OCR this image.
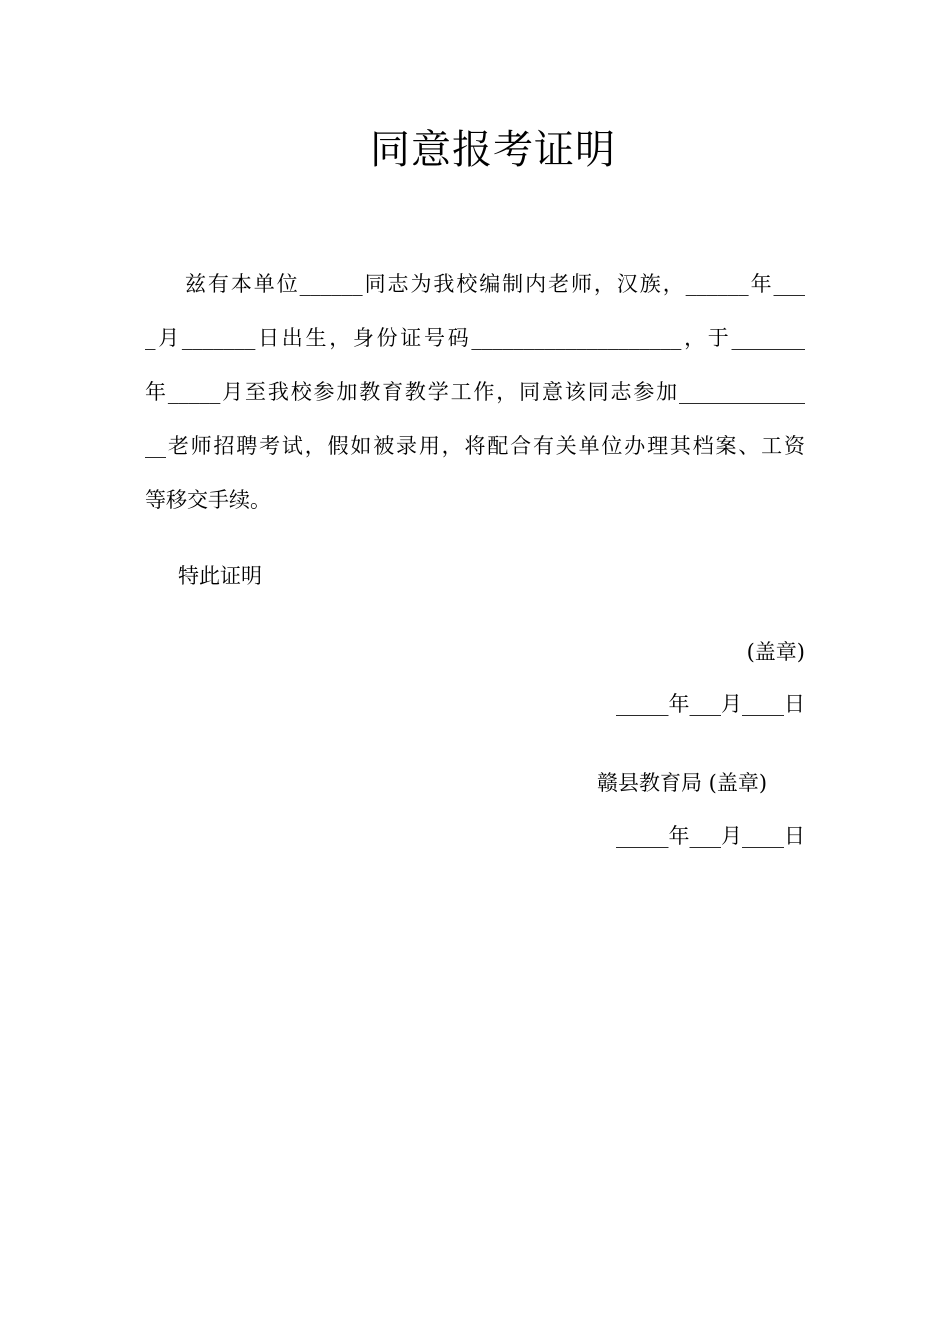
同意报考证明
兹有本单位______同志为我校编制内老师，汉族，______年___
_月_______日出生，身份证号码____________________，于_______
年_____月至我校参加教育教学工作，同意该同志参加____________
__老师招聘考试，假如被录用，将配合有关单位办理其档案、工资
等移交手续。
特此证明
(盖章)
_____年___月____日
赣县教育局 (盖章)
_____年___月____日
